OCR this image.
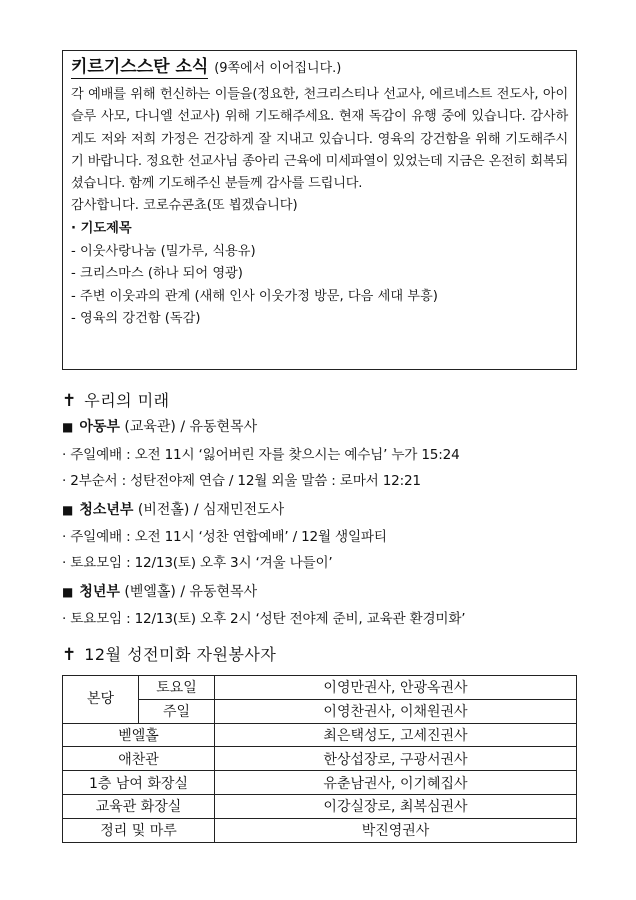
키르기스스탄 소식 (9쪽에서 이어집니다.)
각 예배를 위해 헌신하는 이들을(정요한, 천크리스티나 선교사, 에르네스트 전도사, 아이슬루 사모, 다니엘 선교사) 위해 기도해주세요. 현재 독감이 유행 중에 있습니다. 감사하게도 저와 저희 가정은 건강하게 잘 지내고 있습니다. 영육의 강건함을 위해 기도해주시기 바랍니다. 정요한 선교사님 종아리 근육에 미세파열이 있었는데 지금은 온전히 회복되셨습니다. 함께 기도해주신 분들께 감사를 드립니다.
감사합니다. 코로슈콘쵸(또 뵙겠습니다)
· 기도제목
- 이웃사랑나눔 (밀가루, 식용유)
- 크리스마스 (하나 되어 영광)
- 주변 이웃과의 관계 (새해 인사 이웃가정 방문, 다음 세대 부흥)
- 영육의 강건함 (독감)
✝ 우리의 미래
■ 아동부 (교육관) / 유동현목사
· 주일예배 : 오전 11시 ‘잃어버린 자를 찾으시는 예수님’ 누가 15:24
· 2부순서 : 성탄전야제 연습 / 12월 외울 말씀 : 로마서 12:21
■ 청소년부 (비전홀) / 심재민전도사
· 주일예배 : 오전 11시 ‘성찬 연합예배’ / 12월 생일파티
· 토요모임 : 12/13(토) 오후 3시 ‘겨울 나들이’
■ 청년부 (벧엘홀) / 유동현목사
· 토요모임 : 12/13(토) 오후 2시 ‘성탄 전야제 준비, 교육관 환경미화’
✝ 12월 성전미화 자원봉사자
본당	토요일	이영만권사, 안광옥권사
	주일	이영찬권사, 이채원권사
벧엘홀		최은택성도, 고세진권사
애찬관		한상섭장로, 구광서권사
1층 남여 화장실		유춘남권사, 이기혜집사
교육관 화장실		이강실장로, 최복심권사
정리 및 마루		박진영권사
